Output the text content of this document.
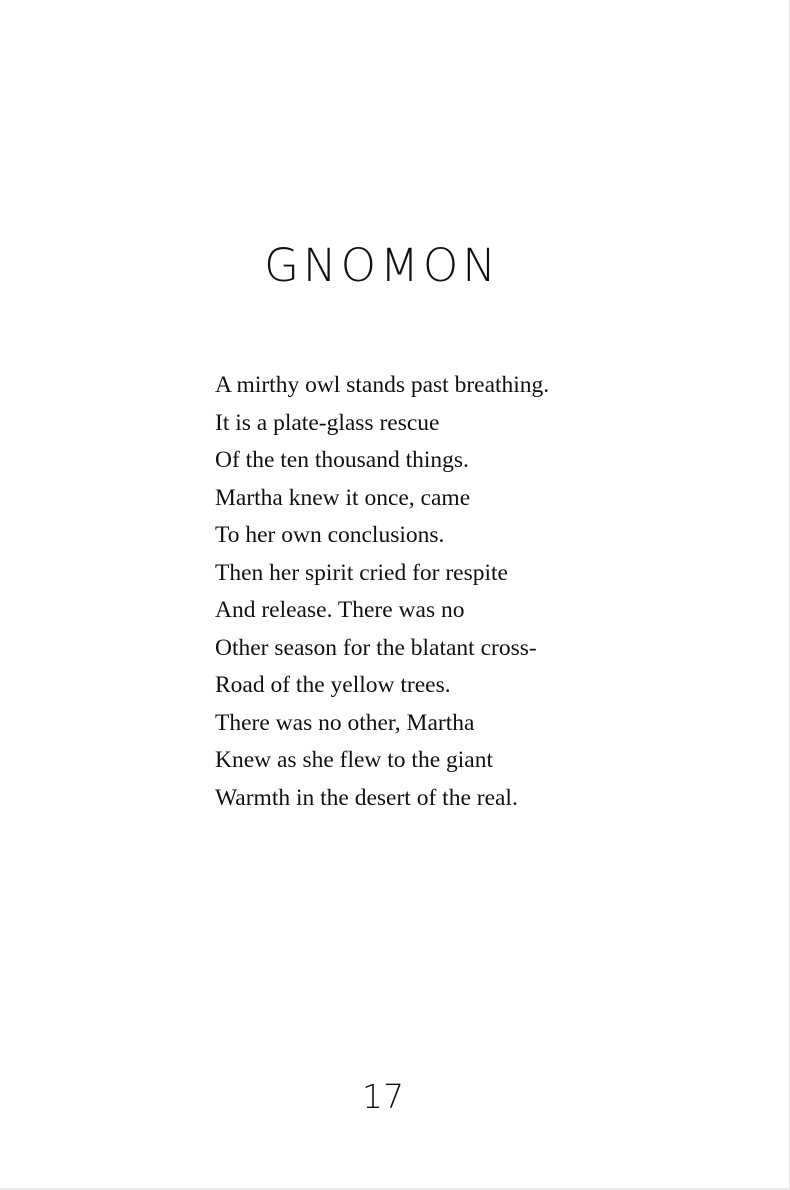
GNOMON
A mirthy owl stands past breathing.
It is a plate-glass rescue
Of the ten thousand things.
Martha knew it once, came
To her own conclusions.
Then her spirit cried for respite
And release. There was no
Other season for the blatant cross-
Road of the yellow trees.
There was no other, Martha
Knew as she flew to the giant
Warmth in the desert of the real.
17
